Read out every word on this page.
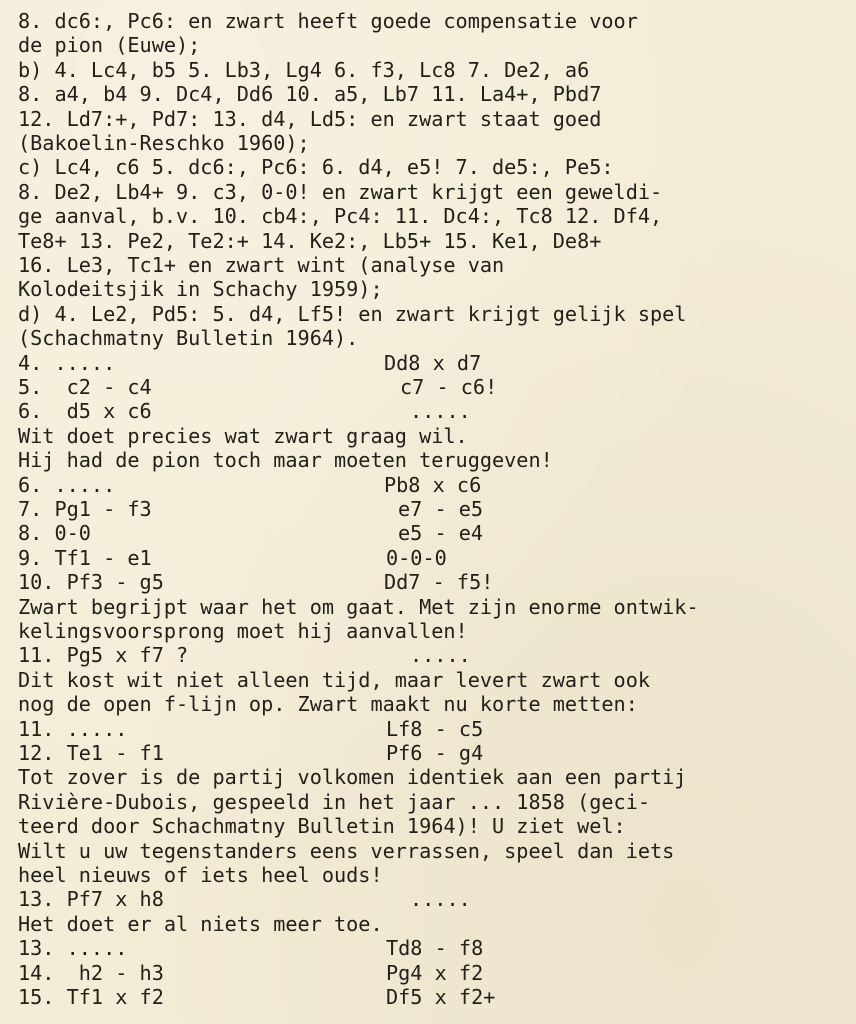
8. dc6:, Pc6: en zwart heeft goede compensatie voor
de pion (Euwe);
b) 4. Lc4, b5 5. Lb3, Lg4 6. f3, Lc8 7. De2, a6
8. a4, b4 9. Dc4, Dd6 10. a5, Lb7 11. La4+, Pbd7
12. Ld7:+, Pd7: 13. d4, Ld5: en zwart staat goed
(Bakoelin-Reschko 1960);
c) Lc4, c6 5. dc6:, Pc6: 6. d4, e5! 7. de5:, Pe5:
8. De2, Lb4+ 9. c3, 0-0! en zwart krijgt een geweldi-
ge aanval, b.v. 10. cb4:, Pc4: 11. Dc4:, Tc8 12. Df4,
Te8+ 13. Pe2, Te2:+ 14. Ke2:, Lb5+ 15. Ke1, De8+
16. Le3, Tc1+ en zwart wint (analyse van
Kolodeitsjik in Schachy 1959);
d) 4. Le2, Pd5: 5. d4, Lf5! en zwart krijgt gelijk spel
(Schachmatny Bulletin 1964).
Wit doet precies wat zwart graag wil.
Hij had de pion toch maar moeten teruggeven!
Zwart begrijpt waar het om gaat. Met zijn enorme ontwik-
kelingsvoorsprong moet hij aanvallen!
Dit kost wit niet alleen tijd, maar levert zwart ook
nog de open f-lijn op. Zwart maakt nu korte metten:
Tot zover is de partij volkomen identiek aan een partij
Rivière-Dubois, gespeeld in het jaar ... 1858 (geci-
teerd door Schachmatny Bulletin 1964)! U ziet wel:
Wilt u uw tegenstanders eens verrassen, speel dan iets
heel nieuws of iets heel ouds!
Het doet er al niets meer toe.
4. .....	Dd8 x d7
5.  c2 - c4	c7 - c6!
6.  d5 x c6	.....
6. .....	Pb8 x c6
7. Pg1 - f3	e7 - e5
8. 0-0	e5 - e4
9. Tf1 - e1	0-0-0
10. Pf3 - g5	Dd7 - f5!
11. Pg5 x f7 ?	.....
11. .....	Lf8 - c5
12. Te1 - f1	Pf6 - g4
13. Pf7 x h8	.....
13. .....	Td8 - f8
14.  h2 - h3	Pg4 x f2
15. Tf1 x f2	Df5 x f2+
